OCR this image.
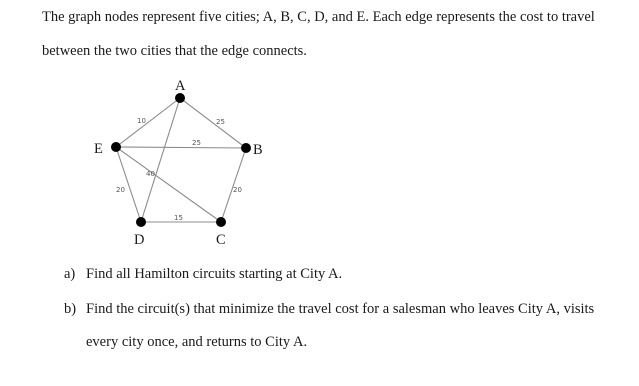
The graph nodes represent five cities; A, B, C, D, and E. Each edge represents the cost to travel
between the two cities that the edge connects.
10	25
25
40
20	20
15
A
B
C
D
E
a) Find all Hamilton circuits starting at City A.
b) Find the circuit(s) that minimize the travel cost for a salesman who leaves City A, visits
every city once, and returns to City A.
